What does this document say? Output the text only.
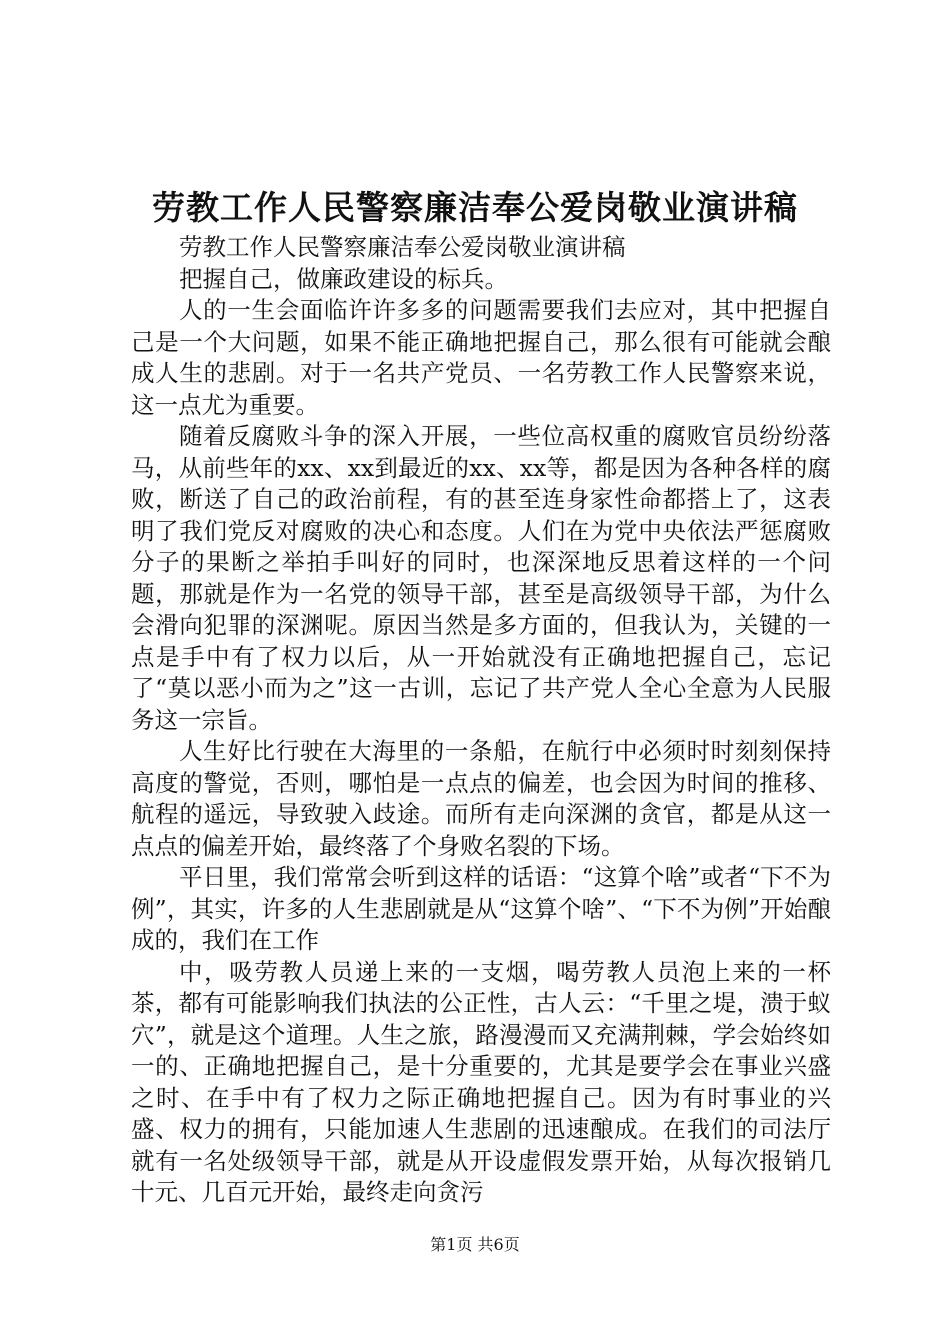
劳教工作人民警察廉洁奉公爱岗敬业演讲稿

劳教工作人民警察廉洁奉公爱岗敬业演讲稿

把握自己，做廉政建设的标兵。

人的一生会面临许许多多的问题需要我们去应对，其中把握自己是一个大问题，如果不能正确地把握自己，那么很有可能就会酿成人生的悲剧。对于一名共产党员、一名劳教工作人民警察来说，这一点尤为重要。

随着反腐败斗争的深入开展，一些位高权重的腐败官员纷纷落马，从前些年的xx、xx到最近的xx、xx等，都是因为各种各样的腐败，断送了自己的政治前程，有的甚至连身家性命都搭上了，这表明了我们党反对腐败的决心和态度。人们在为党中央依法严惩腐败分子的果断之举拍手叫好的同时，也深深地反思着这样的一个问题，那就是作为一名党的领导干部，甚至是高级领导干部，为什么会滑向犯罪的深渊呢。原因当然是多方面的，但我认为，关键的一点是手中有了权力以后，从一开始就没有正确地把握自己，忘记了“莫以恶小而为之”这一古训，忘记了共产党人全心全意为人民服务这一宗旨。

人生好比行驶在大海里的一条船，在航行中必须时时刻刻保持高度的警觉，否则，哪怕是一点点的偏差，也会因为时间的推移、航程的遥远，导致驶入歧途。而所有走向深渊的贪官，都是从这一点点的偏差开始，最终落了个身败名裂的下场。

平日里，我们常常会听到这样的话语：“这算个啥”或者“下不为例”，其实，许多的人生悲剧就是从“这算个啥”、“下不为例”开始酿成的，我们在工作

中，吸劳教人员递上来的一支烟，喝劳教人员泡上来的一杯茶，都有可能影响我们执法的公正性，古人云：“千里之堤，溃于蚁穴”，就是这个道理。人生之旅，路漫漫而又充满荆棘，学会始终如一的、正确地把握自己，是十分重要的，尤其是要学会在事业兴盛之时、在手中有了权力之际正确地把握自己。因为有时事业的兴盛、权力的拥有，只能加速人生悲剧的迅速酿成。在我们的司法厅就有一名处级领导干部，就是从开设虚假发票开始，从每次报销几十元、几百元开始，最终走向贪污

第1页 共6页
